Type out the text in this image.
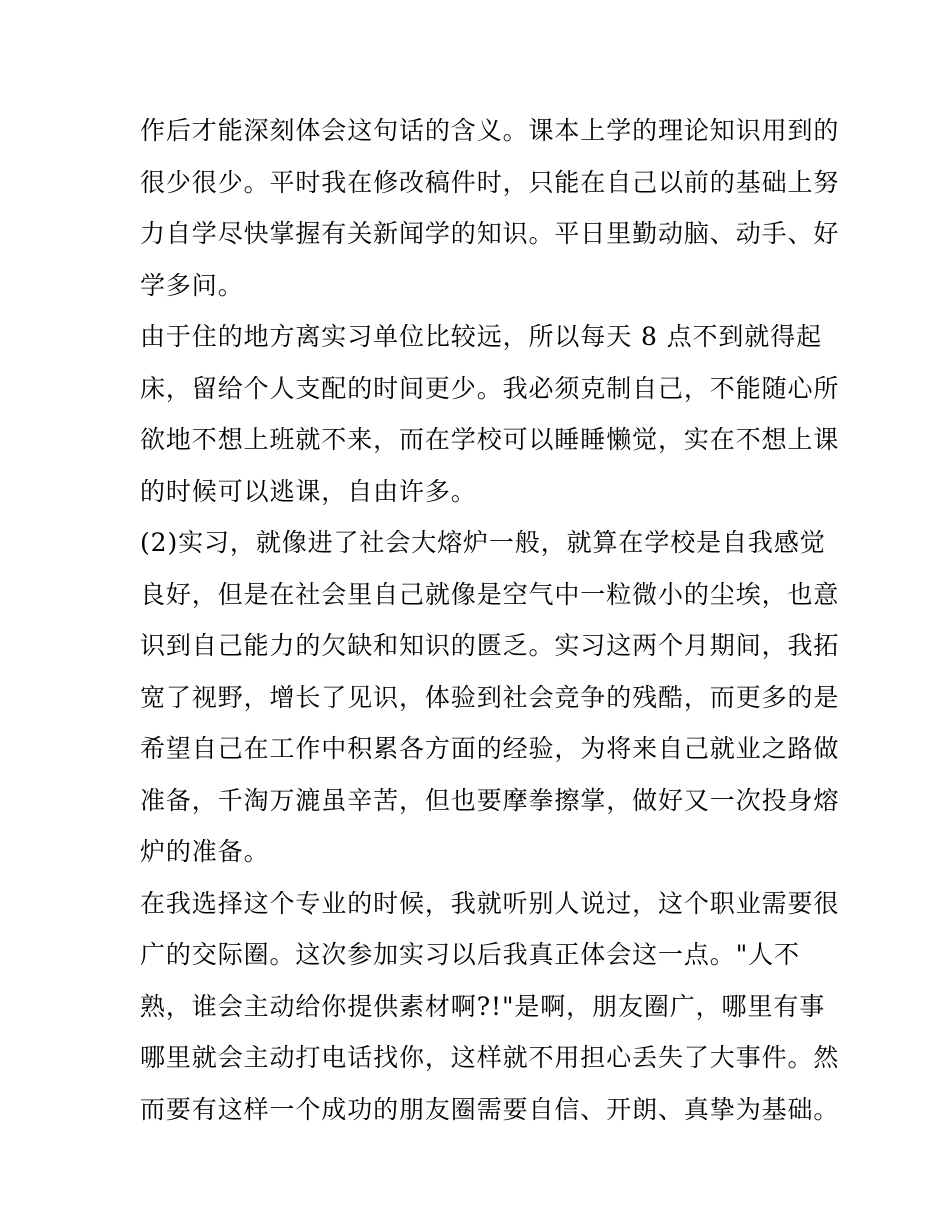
作后才能深刻体会这句话的含义。课本上学的理论知识用到的
很少很少。平时我在修改稿件时，只能在自己以前的基础上努
力自学尽快掌握有关新闻学的知识。平日里勤动脑、动手、好
学多问。
由于住的地方离实习单位比较远，所以每天 8 点不到就得起
床，留给个人支配的时间更少。我必须克制自己，不能随心所
欲地不想上班就不来，而在学校可以睡睡懒觉，实在不想上课
的时候可以逃课，自由许多。
(2)实习，就像进了社会大熔炉一般，就算在学校是自我感觉
良好，但是在社会里自己就像是空气中一粒微小的尘埃，也意
识到自己能力的欠缺和知识的匮乏。实习这两个月期间，我拓
宽了视野，增长了见识，体验到社会竞争的残酷，而更多的是
希望自己在工作中积累各方面的经验，为将来自己就业之路做
准备，千淘万漉虽辛苦，但也要摩拳擦掌，做好又一次投身熔
炉的准备。
在我选择这个专业的时候，我就听别人说过，这个职业需要很
广的交际圈。这次参加实习以后我真正体会这一点。"人不
熟，谁会主动给你提供素材啊?!"是啊，朋友圈广，哪里有事
哪里就会主动打电话找你，这样就不用担心丢失了大事件。然
而要有这样一个成功的朋友圈需要自信、开朗、真挚为基础。
